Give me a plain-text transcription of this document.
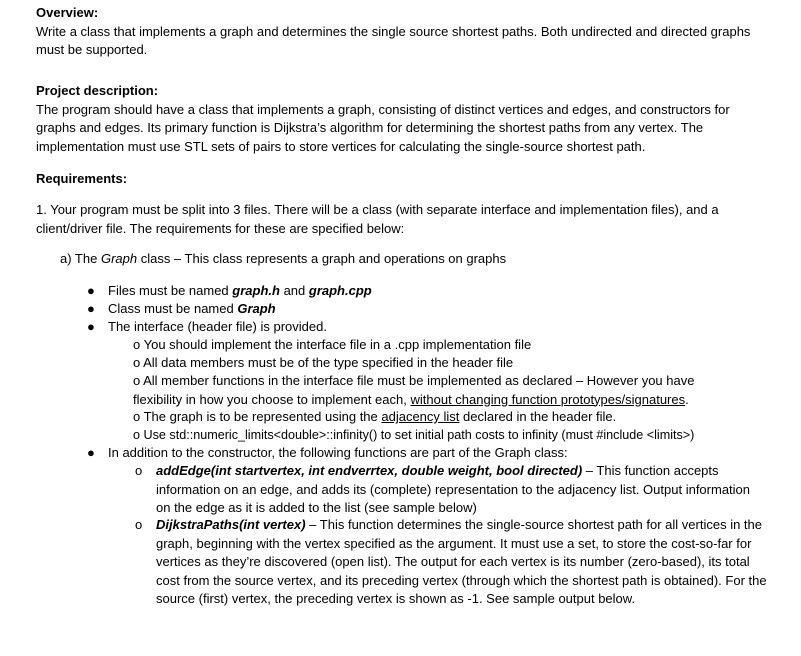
Overview:
Write a class that implements a graph and determines the single source shortest paths. Both undirected and directed graphs must be supported.
Project description:
The program should have a class that implements a graph, consisting of distinct vertices and edges, and constructors for graphs and edges. Its primary function is Dijkstra’s algorithm for determining the shortest paths from any vertex. The implementation must use STL sets of pairs to store vertices for calculating the single-source shortest path.
Requirements:
1. Your program must be split into 3 files. There will be a class (with separate interface and implementation files), and a client/driver file. The requirements for these are specified below:
a) The Graph class – This class represents a graph and operations on graphs
● Files must be named graph.h and graph.cpp
● Class must be named Graph
● The interface (header file) is provided.
o You should implement the interface file in a .cpp implementation file
o All data members must be of the type specified in the header file
o All member functions in the interface file must be implemented as declared – However you have flexibility in how you choose to implement each, without changing function prototypes/signatures.
o The graph is to be represented using the adjacency list declared in the header file.
o Use std::numeric_limits<double>::infinity() to set initial path costs to infinity (must #include <limits>)
● In addition to the constructor, the following functions are part of the Graph class:
o addEdge(int startvertex, int endverrtex, double weight, bool directed) – This function accepts information on an edge, and adds its (complete) representation to the adjacency list. Output information on the edge as it is added to the list (see sample below)
o DijkstraPaths(int vertex) – This function determines the single-source shortest path for all vertices in the graph, beginning with the vertex specified as the argument. It must use a set, to store the cost-so-far for vertices as they’re discovered (open list). The output for each vertex is its number (zero-based), its total cost from the source vertex, and its preceding vertex (through which the shortest path is obtained). For the source (first) vertex, the preceding vertex is shown as -1. See sample output below.
